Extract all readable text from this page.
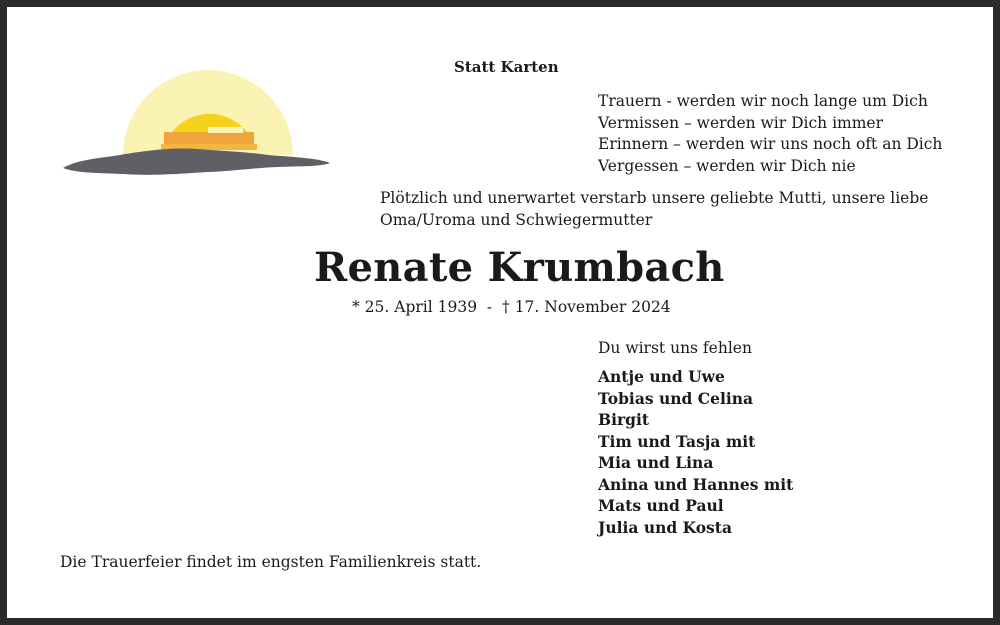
Statt Karten
Trauern - werden wir noch lange um Dich
Vermissen – werden wir Dich immer
Erinnern – werden wir uns noch oft an Dich
Vergessen – werden wir Dich nie
Plötzlich und unerwartet verstarb unsere geliebte Mutti, unsere liebe
Oma/Uroma und Schwiegermutter
Renate Krumbach
* 25. April 1939  -  † 17. November 2024
Du wirst uns fehlen
Antje und Uwe
Tobias und Celina
Birgit
Tim und Tasja mit
Mia und Lina
Anina und Hannes mit
Mats und Paul
Julia und Kosta
Die Trauerfeier findet im engsten Familienkreis statt.
